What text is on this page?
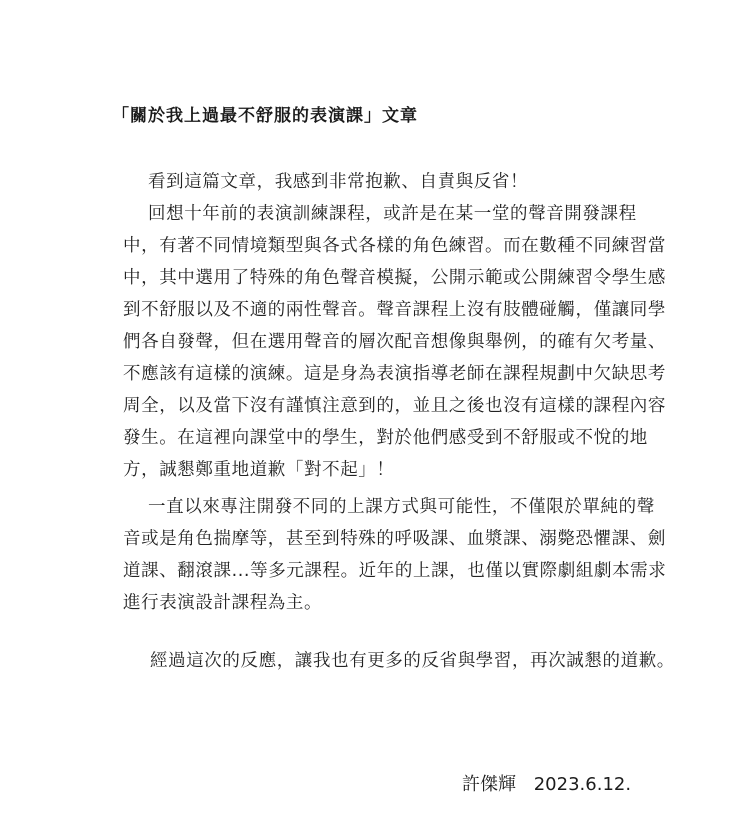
「關於我上過最不舒服的表演課」文章
看到這篇文章，我感到非常抱歉、自責與反省！
回想十年前的表演訓練課程，或許是在某一堂的聲音開發課程
中，有著不同情境類型與各式各樣的角色練習。而在數種不同練習當
中，其中選用了特殊的角色聲音模擬，公開示範或公開練習令學生感
到不舒服以及不適的兩性聲音。聲音課程上沒有肢體碰觸，僅讓同學
們各自發聲，但在選用聲音的層次配音想像與舉例，的確有欠考量、
不應該有這樣的演練。這是身為表演指導老師在課程規劃中欠缺思考
周全，以及當下沒有謹慎注意到的，並且之後也沒有這樣的課程內容
發生。在這裡向課堂中的學生，對於他們感受到不舒服或不悅的地
方，誠懇鄭重地道歉「對不起」！
一直以來專注開發不同的上課方式與可能性，不僅限於單純的聲
音或是角色揣摩等，甚至到特殊的呼吸課、血漿課、溺斃恐懼課、劍
道課、翻滾課...等多元課程。近年的上課，也僅以實際劇組劇本需求
進行表演設計課程為主。
經過這次的反應，讓我也有更多的反省與學習，再次誠懇的道歉。
許傑輝 2023.6.12.
